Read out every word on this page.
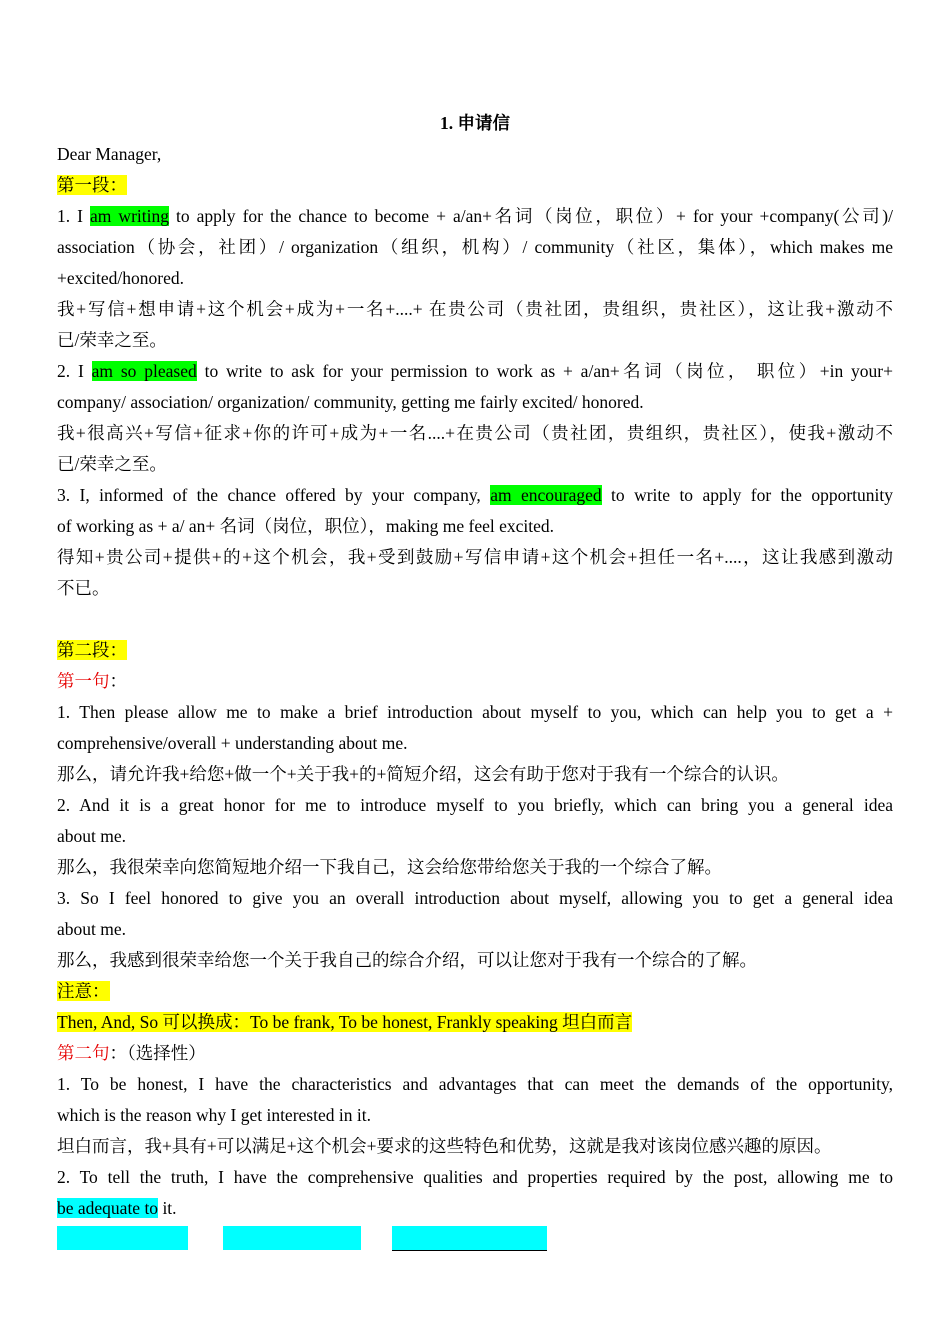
1. 申请信
Dear Manager,
第一段：
1. I am writing to apply for the chance to become + a/an+名词（岗位，职位）+ for your +company(公司)/
association（协会，社团）/ organization（组织，机构）/ community（社区，集体），which makes me
+excited/honored.
我+写信+想申请+这个机会+成为+一名+....+ 在贵公司（贵社团，贵组织，贵社区），这让我+激动不
已/荣幸之至。
2. I am so pleased to write to ask for your permission to work as + a/an+名词（岗位， 职位）+in your+
company/ association/ organization/ community, getting me fairly excited/ honored.
我+很高兴+写信+征求+你的许可+成为+一名....+在贵公司（贵社团，贵组织，贵社区），使我+激动不
已/荣幸之至。
3. I, informed of the chance offered by your company, am encouraged to write to apply for the opportunity
of working as + a/ an+ 名词（岗位，职位），making me feel excited.
得知+贵公司+提供+的+这个机会，我+受到鼓励+写信申请+这个机会+担任一名+....，这让我感到激动
不已。
第二段：
第一句：
1. Then please allow me to make a brief introduction about myself to you, which can help you to get a +
comprehensive/overall + understanding about me.
那么，请允许我+给您+做一个+关于我+的+简短介绍，这会有助于您对于我有一个综合的认识。
2. And it is a great honor for me to introduce myself to you briefly, which can bring you a general idea
about me.
那么，我很荣幸向您简短地介绍一下我自己，这会给您带给您关于我的一个综合了解。
3. So I feel honored to give you an overall introduction about myself, allowing you to get a general idea
about me.
那么，我感到很荣幸给您一个关于我自己的综合介绍，可以让您对于我有一个综合的了解。
注意：
Then, And, So 可以换成：To be frank, To be honest, Frankly speaking 坦白而言
第二句：（选择性）
1. To be honest, I have the characteristics and advantages that can meet the demands of the opportunity,
which is the reason why I get interested in it.
坦白而言，我+具有+可以满足+这个机会+要求的这些特色和优势，这就是我对该岗位感兴趣的原因。
2. To tell the truth, I have the comprehensive qualities and properties required by the post, allowing me to
be adequate to it.
